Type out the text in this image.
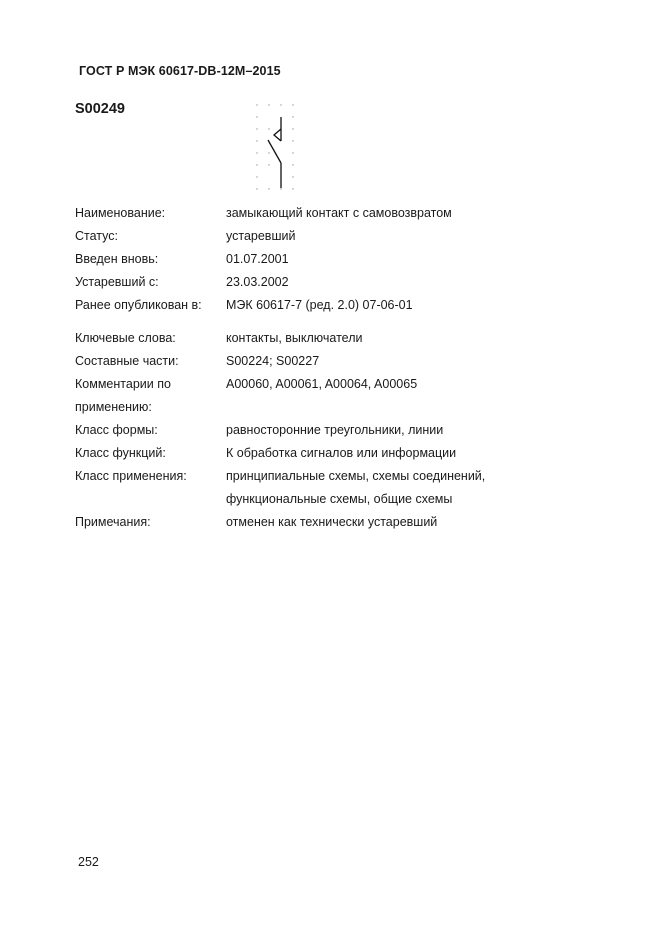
ГОСТ Р МЭК 60617-DB-12M–2015
S00249
Наименование:	замыкающий контакт с самовозвратом
Статус:	устаревший
Введен вновь:	01.07.2001
Устаревший с:	23.03.2002
Ранее опубликован в:	МЭК 60617-7 (ред. 2.0) 07-06-01
Ключевые слова:	контакты, выключатели
Составные части:	S00224; S00227
Комментарии по	A00060, A00061, A00064, A00065
применению:
Класс формы:	равносторонние треугольники, линии
Класс функций:	К обработка сигналов или информации
Класс применения:	принципиальные схемы, схемы соединений,
функциональные схемы, общие схемы
Примечания:	отменен как технически устаревший
252
